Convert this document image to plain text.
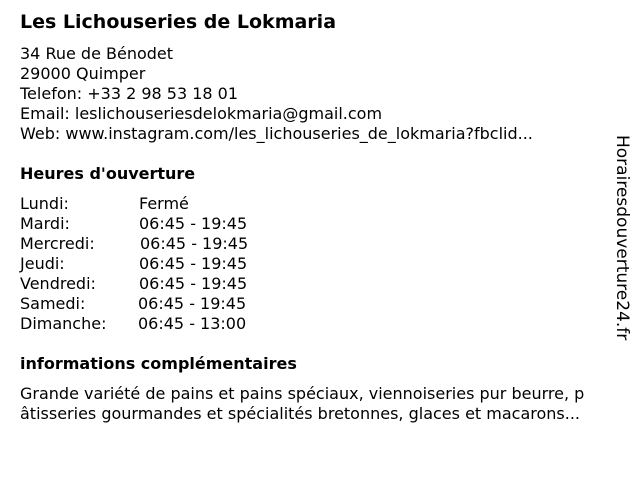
Les Lichouseries de Lokmaria
34 Rue de Bénodet
29000 Quimper
Telefon: +33 2 98 53 18 01
Email: leslichouseriesdelokmaria@gmail.com
Web: www.instagram.com/les_lichouseries_de_lokmaria?fbclid...
Heures d'ouverture
Lundi:	Fermé
Mardi:	06:45 - 19:45
Mercredi:	06:45 - 19:45
Jeudi:	06:45 - 19:45
Vendredi:	06:45 - 19:45
Samedi:	06:45 - 19:45
Dimanche: 06:45 - 13:00
informations complémentaires
Grande variété de pains et pains spéciaux, viennoiseries pur beurre, p
âtisseries gourmandes et spécialités bretonnes, glaces et macarons...
Horairesdouverture24.fr
